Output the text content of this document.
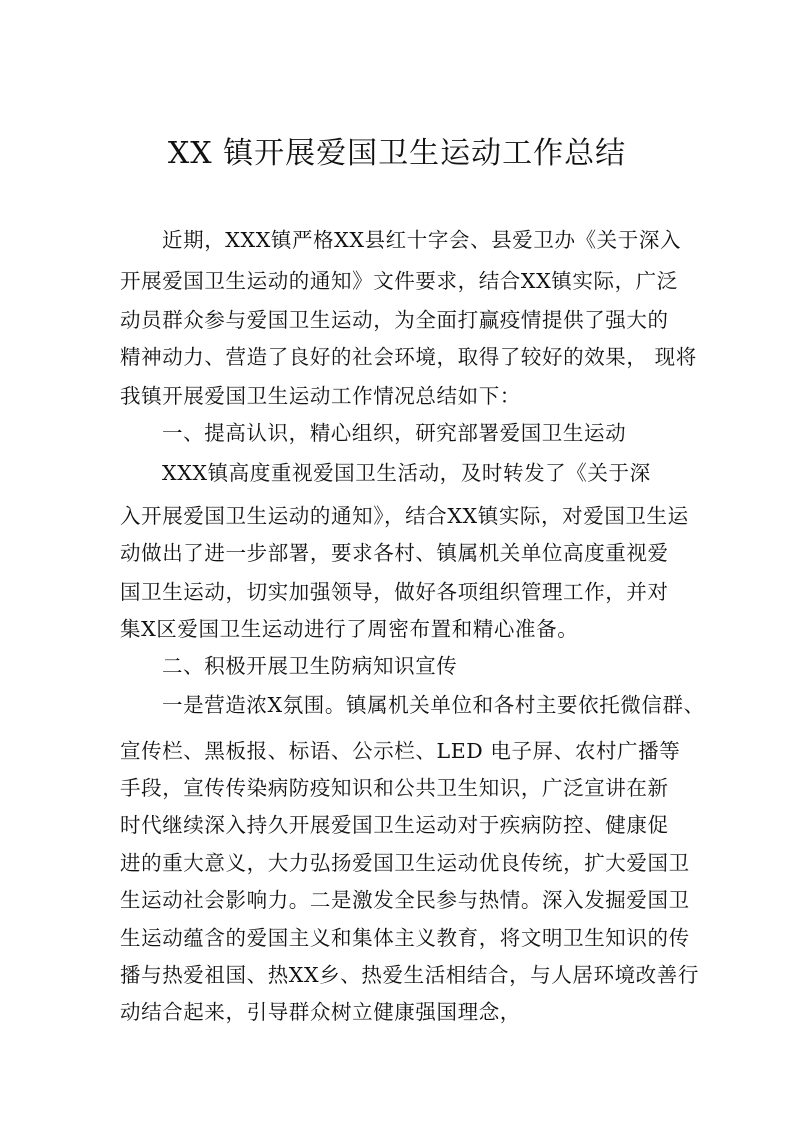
XX 镇开展爱国卫生运动工作总结
近期，XXX镇严格XX县红十字会、县爱卫办《关于深入
开展爱国卫生运动的通知》文件要求，结合XX镇实际，广泛
动员群众参与爱国卫生运动，为全面打赢疫情提供了强大的
精神动力、营造了良好的社会环境，取得了较好的效果， 现将
我镇开展爱国卫生运动工作情况总结如下：
一、提高认识，精心组织，研究部署爱国卫生运动
XXX镇高度重视爱国卫生活动，及时转发了《关于深
入开展爱国卫生运动的通知》，结合XX镇实际，对爱国卫生运
动做出了进一步部署，要求各村、镇属机关单位高度重视爱
国卫生运动，切实加强领导，做好各项组织管理工作，并对
集X区爱国卫生运动进行了周密布置和精心准备。
二、积极开展卫生防病知识宣传
一是营造浓X氛围。镇属机关单位和各村主要依托微信群、
宣传栏、黑板报、标语、公示栏、LED 电子屏、农村广播等
手段，宣传传染病防疫知识和公共卫生知识，广泛宣讲在新
时代继续深入持久开展爱国卫生运动对于疾病防控、健康促
进的重大意义，大力弘扬爱国卫生运动优良传统，扩大爱国卫
生运动社会影响力。二是激发全民参与热情。深入发掘爱国卫
生运动蕴含的爱国主义和集体主义教育，将文明卫生知识的传
播与热爱祖国、热XX乡、热爱生活相结合，与人居环境改善行
动结合起来，引导群众树立健康强国理念，
